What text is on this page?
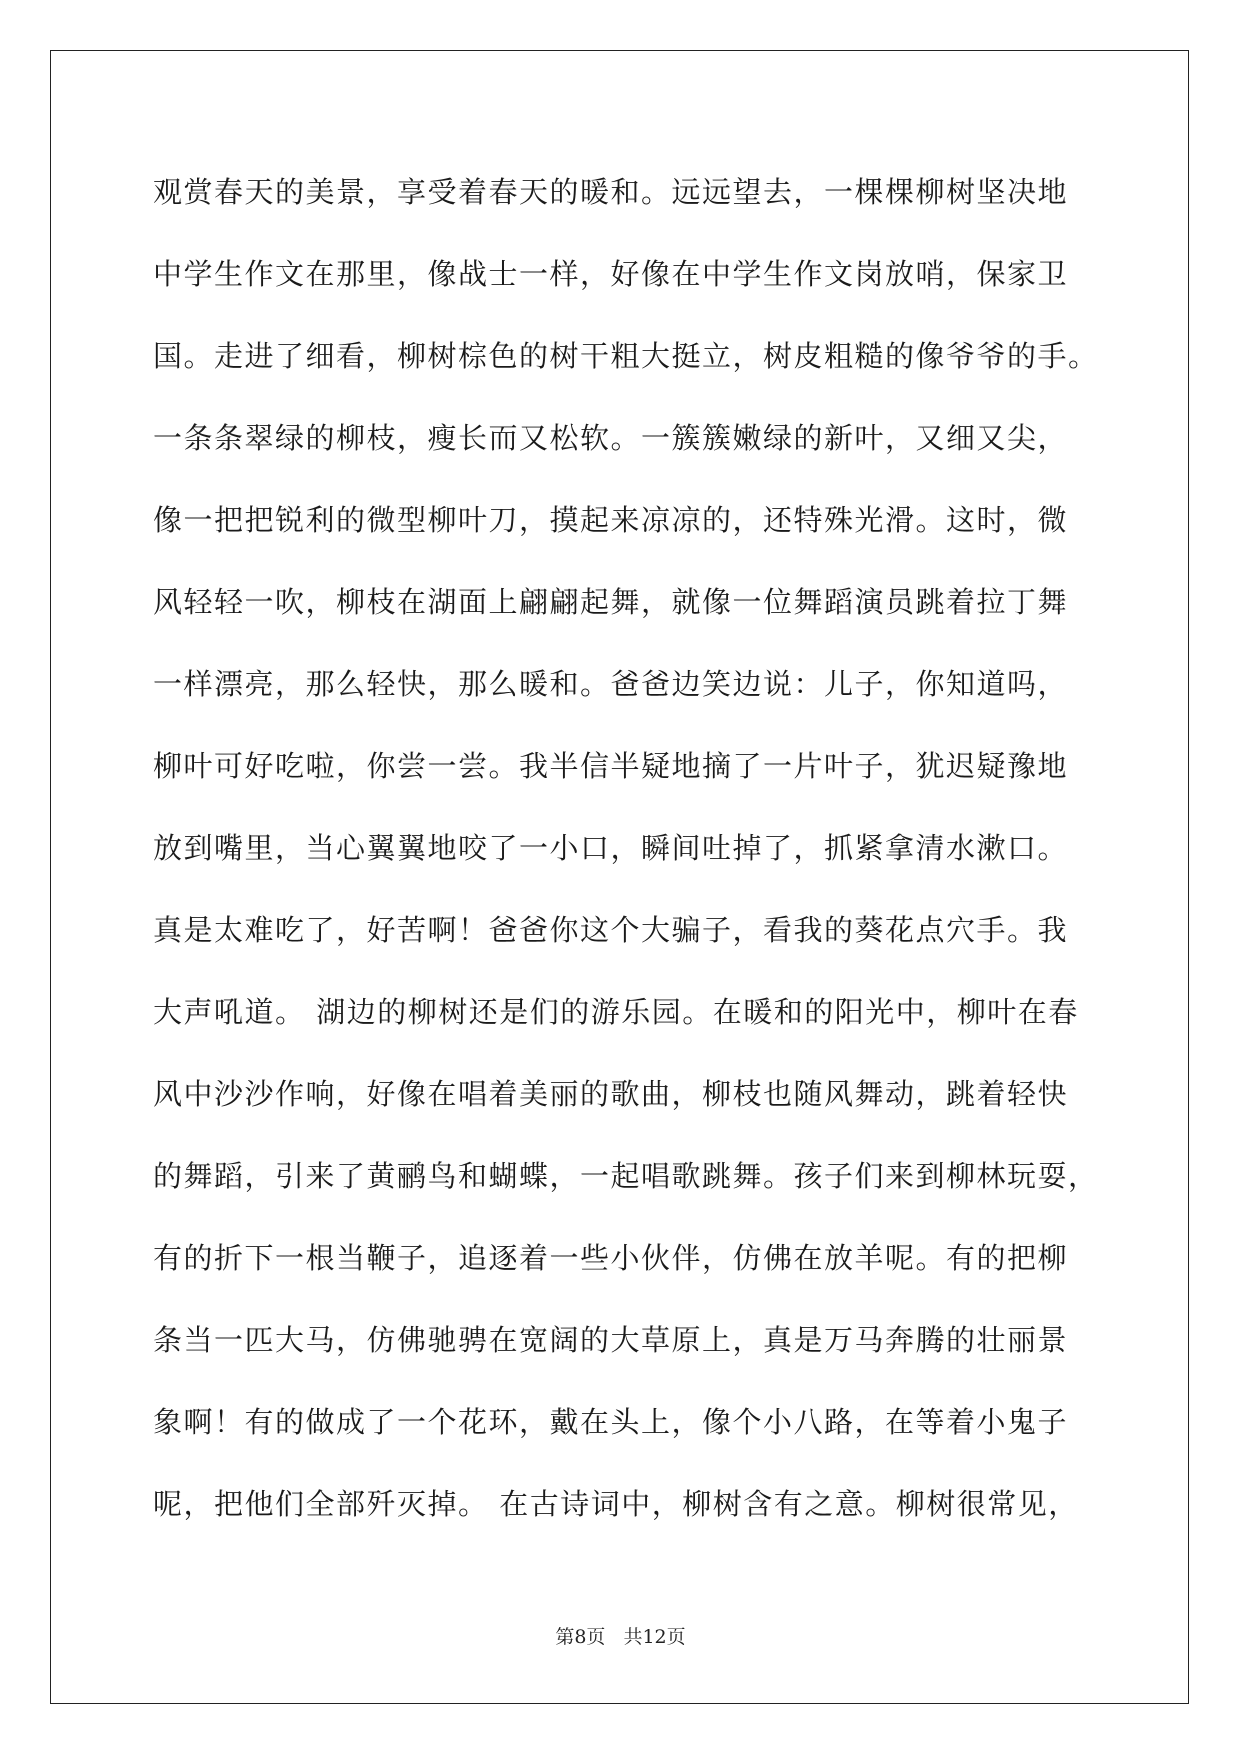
观赏春天的美景，享受着春天的暖和。远远望去，一棵棵柳树坚决地
中学生作文在那里，像战士一样，好像在中学生作文岗放哨，保家卫
国。走进了细看，柳树棕色的树干粗大挺立，树皮粗糙的像爷爷的手。
一条条翠绿的柳枝，瘦长而又松软。一簇簇嫩绿的新叶，又细又尖，
像一把把锐利的微型柳叶刀，摸起来凉凉的，还特殊光滑。这时，微
风轻轻一吹，柳枝在湖面上翩翩起舞，就像一位舞蹈演员跳着拉丁舞
一样漂亮，那么轻快，那么暖和。爸爸边笑边说：儿子，你知道吗，
柳叶可好吃啦，你尝一尝。我半信半疑地摘了一片叶子，犹迟疑豫地
放到嘴里，当心翼翼地咬了一小口，瞬间吐掉了，抓紧拿清水漱口。
真是太难吃了，好苦啊！爸爸你这个大骗子，看我的葵花点穴手。我
大声吼道。 湖边的柳树还是们的游乐园。在暖和的阳光中，柳叶在春
风中沙沙作响，好像在唱着美丽的歌曲，柳枝也随风舞动，跳着轻快
的舞蹈，引来了黄鹂鸟和蝴蝶，一起唱歌跳舞。孩子们来到柳林玩耍，
有的折下一根当鞭子，追逐着一些小伙伴，仿佛在放羊呢。有的把柳
条当一匹大马，仿佛驰骋在宽阔的大草原上，真是万马奔腾的壮丽景
象啊！有的做成了一个花环，戴在头上，像个小八路，在等着小鬼子
呢，把他们全部歼灭掉。 在古诗词中，柳树含有之意。柳树很常见，
第8页 共12页
